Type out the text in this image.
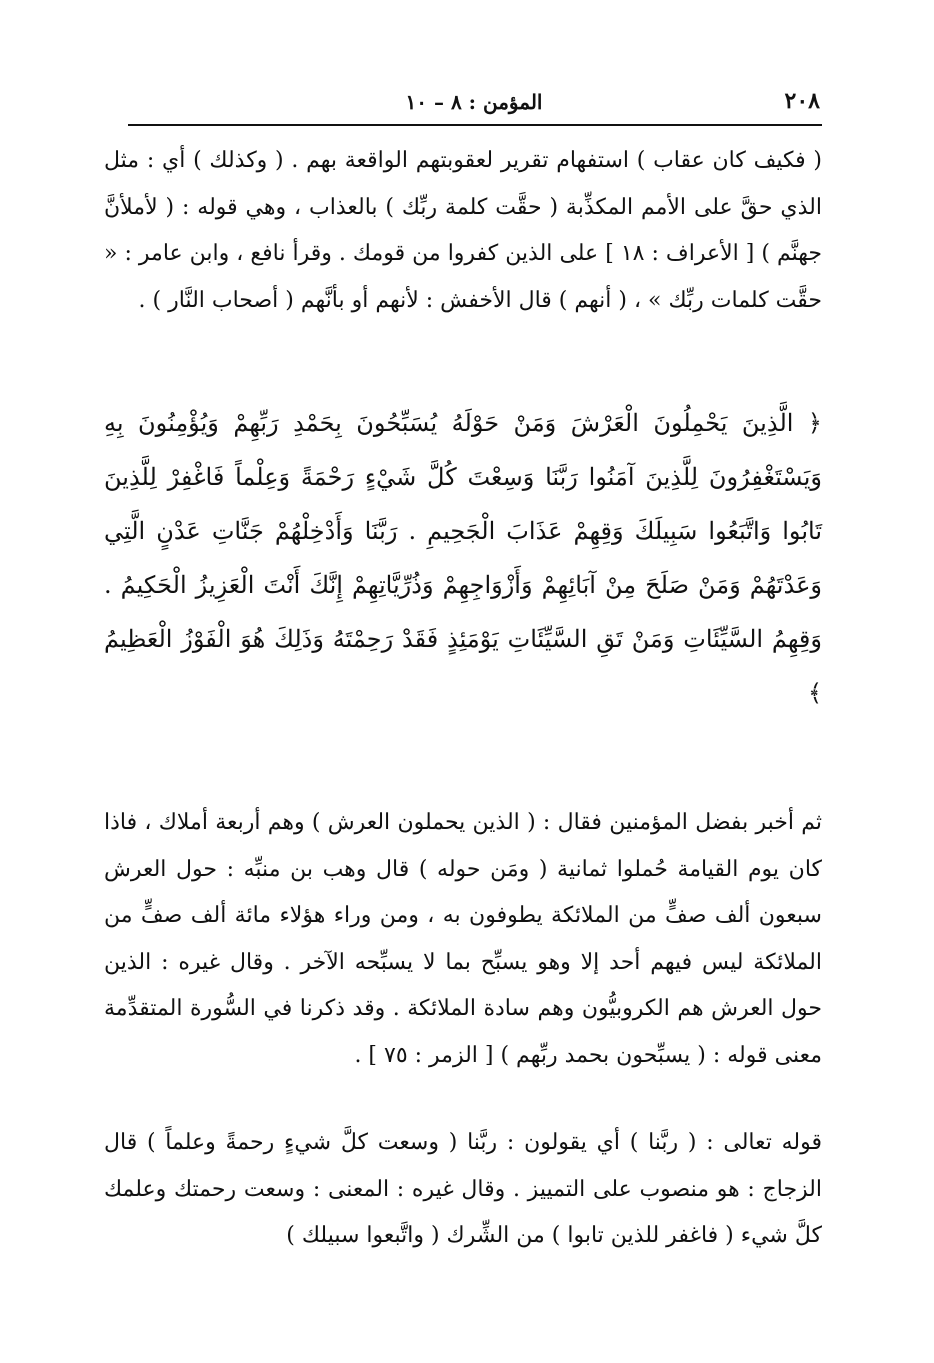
٢٠٨
المؤمن : ٨ – ١٠
( فكيف كان عقاب ) استفهام تقرير لعقوبتهم الواقعة بهم . ( وكذلك ) أي : مثل الذي حقَّ على الأمم المكذِّبة ( حقَّت كلمة ربِّك ) بالعذاب ، وهي قوله : ( لأملأنَّ جهنَّم ) [ الأعراف : ١٨ ] على الذين كفروا من قومك . وقرأ نافع ، وابن عامر : « حقَّت كلمات ربِّك » ، ( أنهم ) قال الأخفش : لأنهم أو بأنَّهم ( أصحاب النَّار ) .
﴿ الَّذِينَ يَحْمِلُونَ الْعَرْشَ وَمَنْ حَوْلَهُ يُسَبِّحُونَ بِحَمْدِ رَبِّهِمْ وَيُؤْمِنُونَ بِهِ وَيَسْتَغْفِرُونَ لِلَّذِينَ آمَنُوا رَبَّنَا وَسِعْتَ كُلَّ شَيْءٍ رَحْمَةً وَعِلْماً فَاغْفِرْ لِلَّذِينَ تَابُوا وَاتَّبَعُوا سَبِيلَكَ وَقِهِمْ عَذَابَ الْجَحِيمِ . رَبَّنَا وَأَدْخِلْهُمْ جَنَّاتِ عَدْنٍ الَّتِي وَعَدْتَهُمْ وَمَنْ صَلَحَ مِنْ آبَائِهِمْ وَأَزْوَاجِهِمْ وَذُرِّيَّاتِهِمْ إِنَّكَ أَنْتَ الْعَزِيزُ الْحَكِيمُ . وَقِهِمُ السَّيِّئَاتِ وَمَنْ تَقِ السَّيِّئَاتِ يَوْمَئِذٍ فَقَدْ رَحِمْتَهُ وَذَلِكَ هُوَ الْفَوْزُ الْعَظِيمُ ﴾
ثم أخبر بفضل المؤمنين فقال : ( الذين يحملون العرش ) وهم أربعة أملاك ، فاذا كان يوم القيامة حُملوا ثمانية ( ومَن حوله ) قال وهب بن منبِّه : حول العرش سبعون ألف صفٍّ من الملائكة يطوفون به ، ومن وراء هؤلاء مائة ألف صفٍّ من الملائكة ليس فيهم أحد إلا وهو يسبِّح بما لا يسبِّحه الآخر . وقال غيره : الذين حول العرش هم الكروبيُّون وهم سادة الملائكة . وقد ذكرنا في السُّورة المتقدِّمة معنى قوله : ( يسبِّحون بحمد ربِّهم ) [ الزمر : ٧٥ ] .
قوله تعالى : ( ربَّنا ) أي يقولون : ربَّنا ( وسعت كلَّ شيءٍ رحمةً وعلماً ) قال الزجاج : هو منصوب على التمييز . وقال غيره : المعنى : وسعت رحمتك وعلمك كلَّ شيء ( فاغفر للذين تابوا ) من الشِّرك ( واتَّبعوا سبيلك )
